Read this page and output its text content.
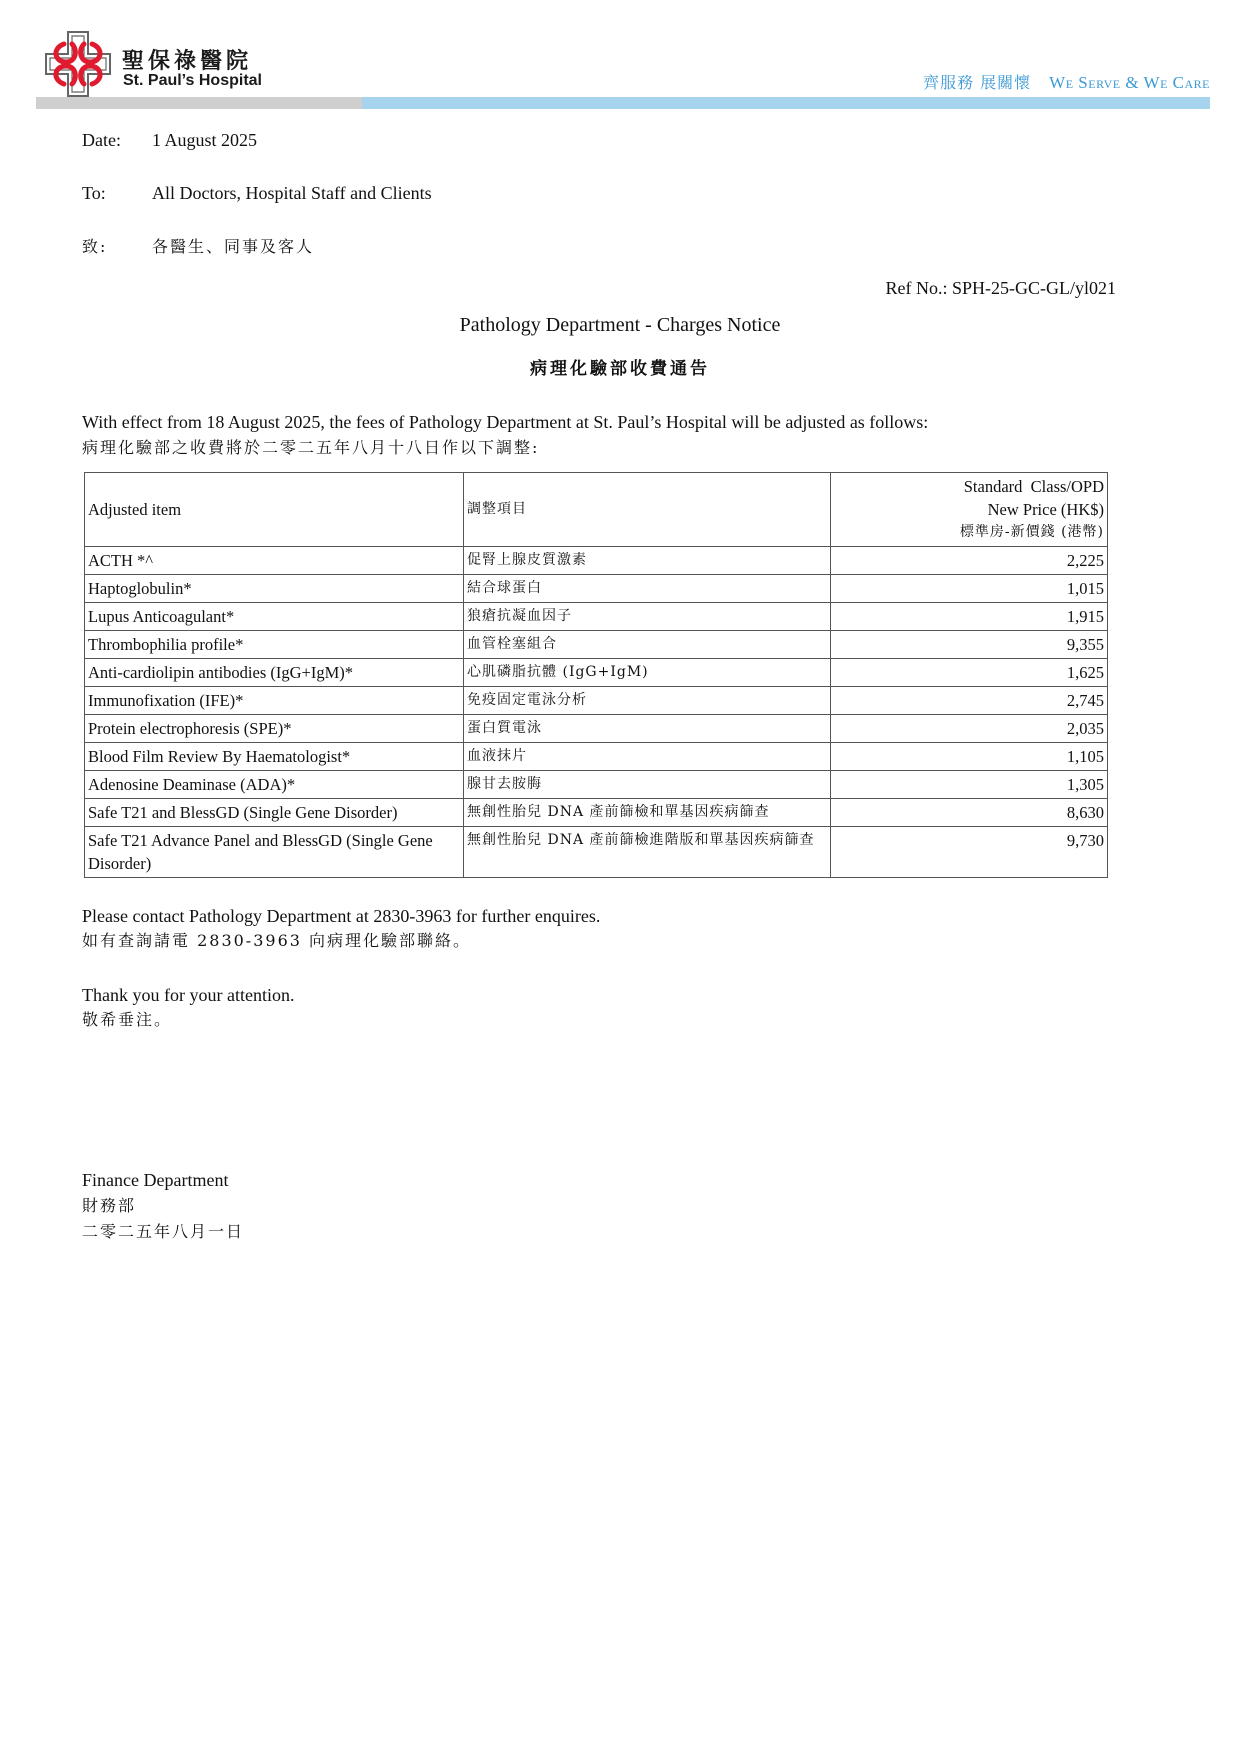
聖保祿醫院
St. Paul’s Hospital	齊服務 展關懷 We Serve & We Care
Date: 1 August 2025
To:	All Doctors, Hospital Staff and Clients
致:	各醫生、同事及客人
Ref No.: SPH-25-GC-GL/yl021
Pathology Department - Charges Notice
病理化驗部收費通告
With effect from 18 August 2025, the fees of Pathology Department at St. Paul’s Hospital will be adjusted as follows:
病理化驗部之收費將於二零二五年八月十八日作以下調整:
Adjusted item	調整項目	Standard  Class/OPD
New Price (HK$)
標準房-新價錢 (港幣)

ACTH *^	促腎上腺皮質激素	2,225
Haptoglobulin*	結合球蛋白	1,015
Lupus Anticoagulant*	狼瘡抗凝血因子	1,915
Thrombophilia profile*	血管栓塞組合	9,355
Anti-cardiolipin antibodies (IgG+IgM)*	心肌磷脂抗體 (IgG+IgM)	1,625
Immunofixation (IFE)*	免疫固定電泳分析	2,745
Protein electrophoresis (SPE)*	蛋白質電泳	2,035
Blood Film Review By Haematologist*	血液抹片	1,105
Adenosine Deaminase (ADA)*	腺甘去胺脢	1,305
Safe T21 and BlessGD (Single Gene Disorder)	無創性胎兒 DNA 產前篩檢和單基因疾病篩查	8,630
Safe T21 Advance Panel and BlessGD (Single Gene Disorder)	無創性胎兒 DNA 產前篩檢進階版和單基因疾病篩查	9,730
Please contact Pathology Department at 2830-3963 for further enquires.
如有查詢請電 2830-3963 向病理化驗部聯絡。
Thank you for your attention.
敬希垂注。
Finance Department
財務部
二零二五年八月一日
